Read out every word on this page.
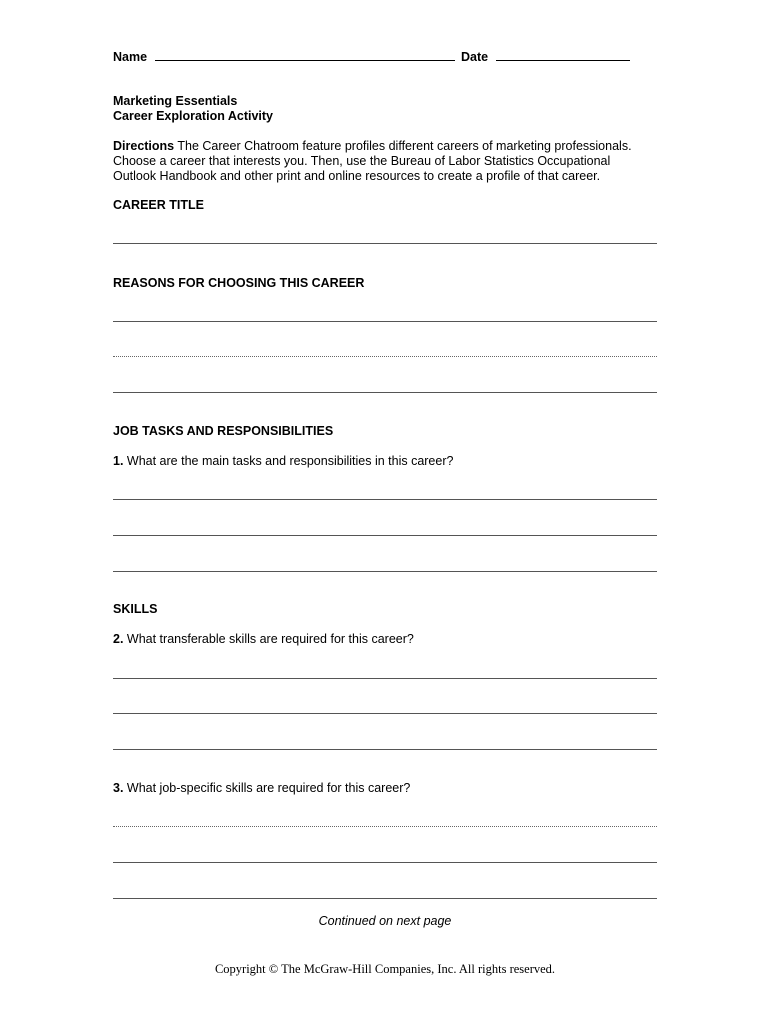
Name	Date
Marketing Essentials
Career Exploration Activity
Directions The Career Chatroom feature profiles different careers of marketing professionals.
Choose a career that interests you. Then, use the Bureau of Labor Statistics Occupational
Outlook Handbook and other print and online resources to create a profile of that career.
CAREER TITLE
REASONS FOR CHOOSING THIS CAREER
JOB TASKS AND RESPONSIBILITIES
1. What are the main tasks and responsibilities in this career?
SKILLS
2. What transferable skills are required for this career?
3. What job-specific skills are required for this career?
Continued on next page
Copyright © The McGraw-Hill Companies, Inc. All rights reserved.
